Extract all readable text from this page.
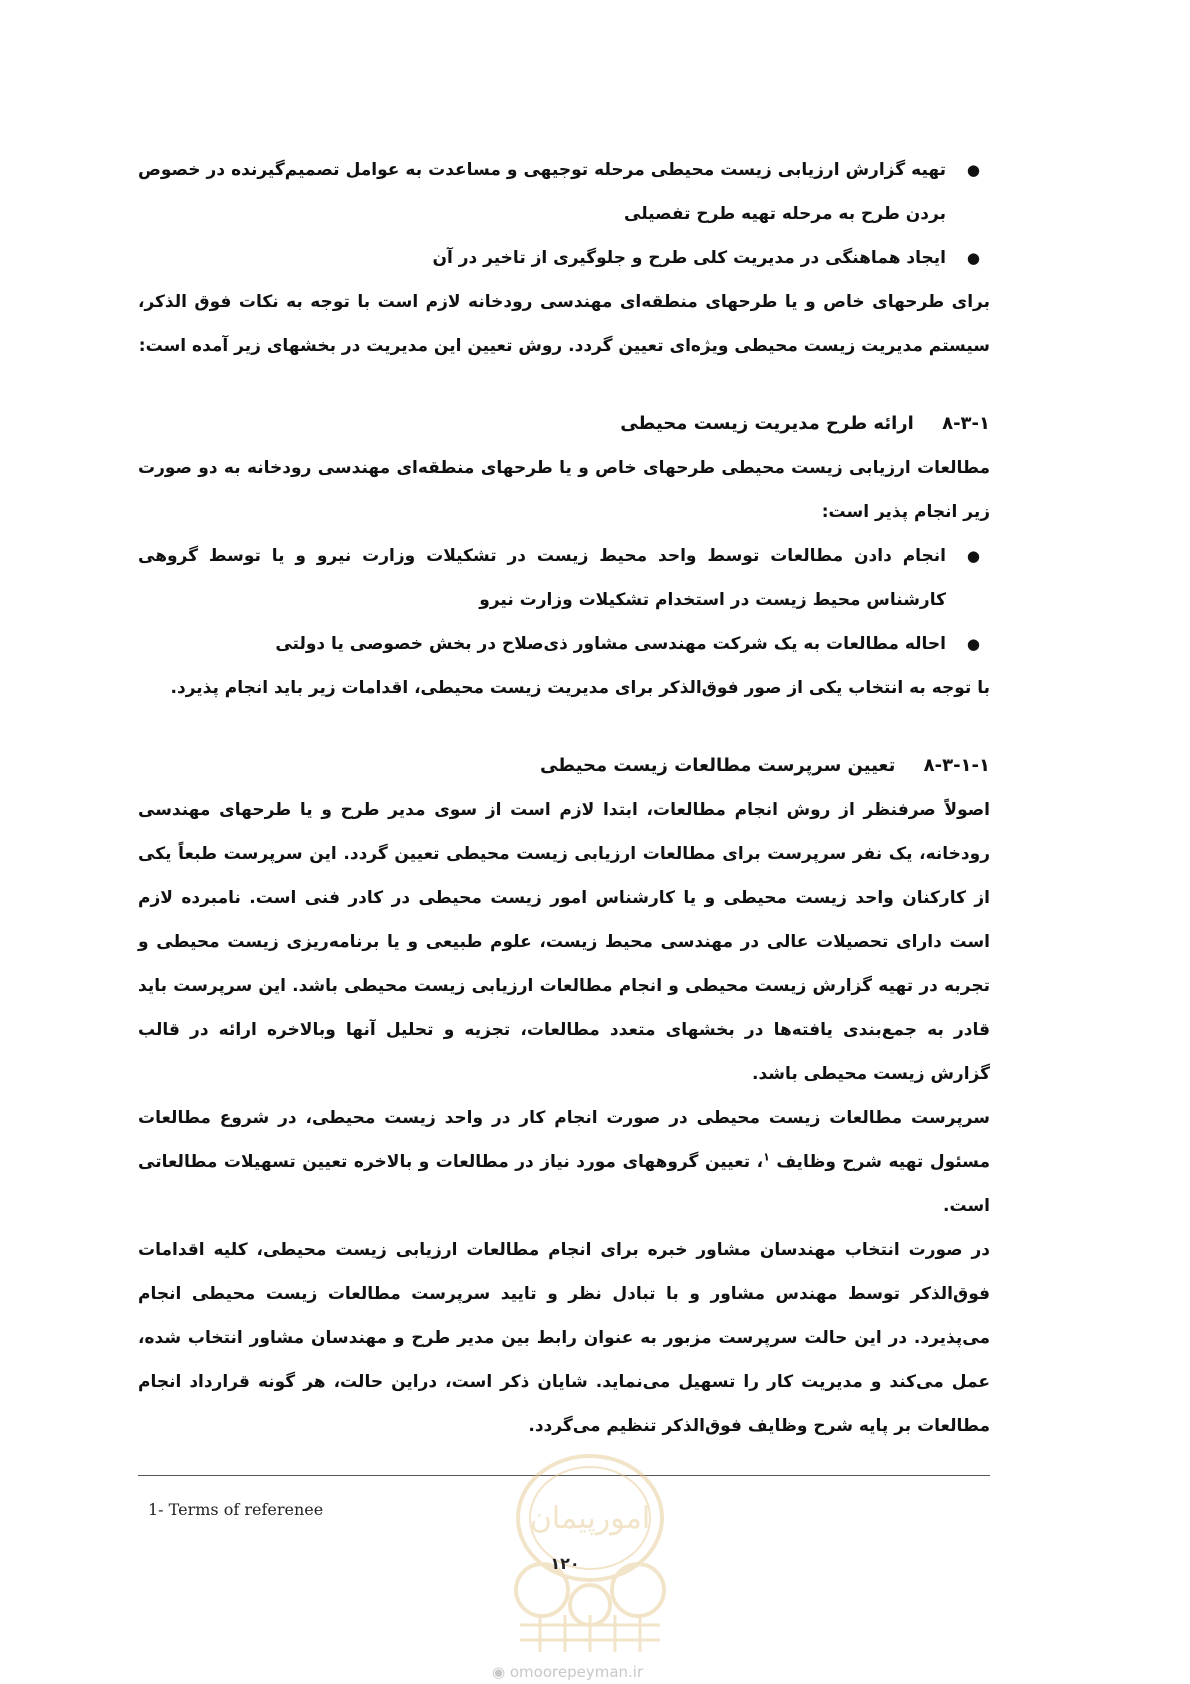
● تهیه گزارش ارزیابی زیست محیطی مرحله توجیهی و مساعدت به عوامل تصمیم‌گیرنده در خصوص بردن طرح به مرحله تهیه طرح تفصیلی

● ایجاد هماهنگی در مدیریت کلی طرح و جلوگیری از تاخیر در آن

برای طرحهای خاص و یا طرحهای منطقه‌ای مهندسی رودخانه لازم است با توجه به نکات فوق الذکر، سیستم مدیریت زیست محیطی ویژه‌ای تعیین گردد. روش تعیین این مدیریت در بخشهای زیر آمده است:

۸-۳-۱ ارائه طرح مدیریت زیست محیطی

مطالعات ارزیابی زیست محیطی طرحهای خاص و یا طرحهای منطقه‌ای مهندسی رودخانه به دو صورت زیر انجام پذیر است:

● انجام دادن مطالعات توسط واحد محیط زیست در تشکیلات وزارت نیرو و یا توسط گروهی کارشناس محیط زیست در استخدام تشکیلات وزارت نیرو

● احاله مطالعات به یک شرکت مهندسی مشاور ذی‌صلاح در بخش خصوصی یا دولتی

با توجه به انتخاب یکی از صور فوق‌الذکر برای مدیریت زیست محیطی، اقدامات زیر باید انجام پذیرد.

۸-۳-۱-۱ تعیین سرپرست مطالعات زیست محیطی

اصولاً صرفنظر از روش انجام مطالعات، ابتدا لازم است از سوی مدیر طرح و یا طرحهای مهندسی رودخانه، یک نفر سرپرست برای مطالعات ارزیابی زیست محیطی تعیین گردد. این سرپرست طبعاً یکی از کارکنان واحد زیست محیطی و یا کارشناس امور زیست محیطی در کادر فنی است. نامبرده لازم است دارای تحصیلات عالی در مهندسی محیط زیست، علوم طبیعی و یا برنامه‌ریزی زیست محیطی و تجربه در تهیه گزارش زیست محیطی و انجام مطالعات ارزیابی زیست محیطی باشد. این سرپرست باید قادر به جمع‌بندی یافته‌ها در بخشهای متعدد مطالعات، تجزیه و تحلیل آنها وبالاخره ارائه در قالب گزارش زیست محیطی باشد.

سرپرست مطالعات زیست محیطی در صورت انجام کار در واحد زیست محیطی، در شروع مطالعات مسئول تهیه شرح وظایف $^۱$، تعیین گروههای مورد نیاز در مطالعات و بالاخره تعیین تسهیلات مطالعاتی است.

در صورت انتخاب مهندسان مشاور خبره برای انجام مطالعات ارزیابی زیست محیطی، کلیه اقدامات فوق‌الذکر توسط مهندس مشاور و با تبادل نظر و تایید سرپرست مطالعات زیست محیطی انجام می‌پذیرد. در این حالت سرپرست مزبور به عنوان رابط بین مدیر طرح و مهندسان مشاور انتخاب شده، عمل می‌کند و مدیریت کار را تسهیل می‌نماید. شایان ذکر است، دراین حالت، هر گونه قرارداد انجام مطالعات بر پایه شرح وظایف فوق‌الذکر تنظیم می‌گردد.

1- Terms of referenee	امورپیمان
۱۲۰
◉ omoorepeyman.ir
